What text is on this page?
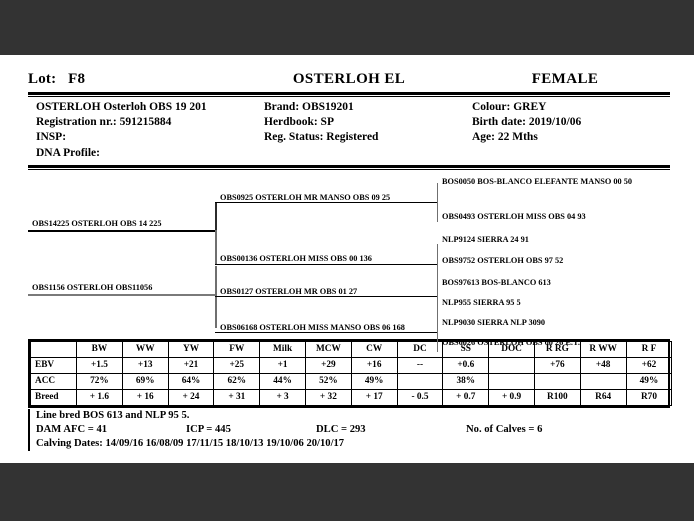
Lot: F8	OSTERLOH EL	FEMALE
OSTERLOH Osterloh OBS 19 201
Registration nr.: 591215884
INSP:
DNA Profile:
Brand: OBS19201
Herdbook: SP
Reg. Status: Registered
Colour: GREY
Birth date: 2019/10/06
Age: 22 Mths
OBS14225 OSTERLOH OBS 14 225
OBS1156 OSTERLOH OBS11056
OBS0925 OSTERLOH MR MANSO OBS 09 25
OBS00136 OSTERLOH MISS OBS 00 136
OBS0127 OSTERLOH MR OBS 01 27
OBS06168 OSTERLOH MISS MANSO OBS 06 168
BOS0050 BOS-BLANCO ELEFANTE MANSO 00 50
OBS0493 OSTERLOH MISS OBS 04 93
NLP9124 SIERRA 24 91
OBS9752 OSTERLOH OBS 97 52
BOS97613 BOS-BLANCO 613
NLP955 SIERRA 95 5
NLP9030 SIERRA NLP 3090
OBS0026 OSTERLOH OBS 00 26 E.T.
	BW	WW	YW	FW	Milk	MCW	CW	DC	SS	DOC	R RG	R WW	R F
EBV	+1.5	+13	+21	+25	+1	+29	+16	--	+0.6		+76	+48	+62
ACC	72%	69%	64%	62%	44%	52%	49%		38%				49%
Breed	+ 1.6	+ 16	+ 24	+ 31	+ 3	+ 32	+ 17	- 0.5	+ 0.7	+ 0.9	R100	R64	R70
Line bred BOS 613 and NLP 95 5.
DAM AFC = 41	ICP = 445	DLC = 293	No. of Calves = 6
Calving Dates: 14/09/16 16/08/09 17/11/15 18/10/13 19/10/06 20/10/17
